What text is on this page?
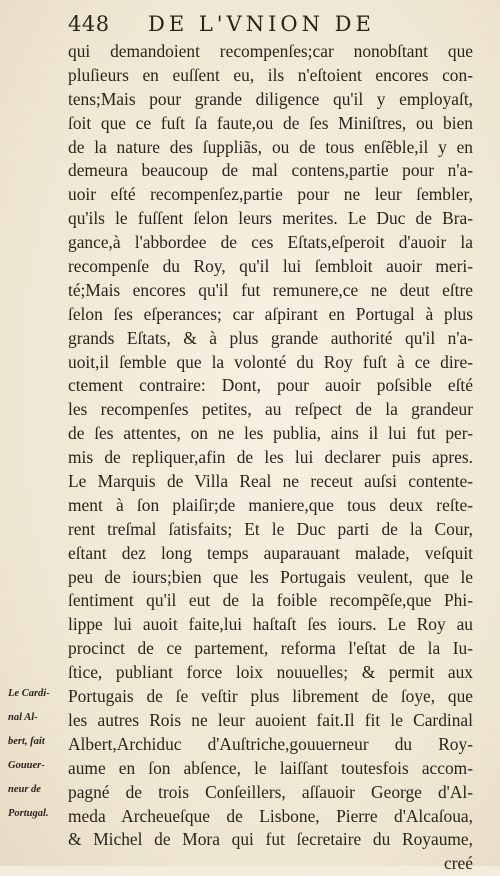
448 DE L'VNION DE
qui demandoient recompenſes;car nonobſtant que
pluſieurs en euſſent eu, ils n'eſtoient encores con-
tens;Mais pour grande diligence qu'il y employaſt,
ſoit que ce fuſt ſa faute,ou de ſes Miniſtres, ou bien
de la nature des ſuppliãs, ou de tous enſẽble,il y en
demeura beaucoup de mal contens,partie pour n'a-
uoir eſté recompenſez,partie pour ne leur ſembler,
qu'ils le fuſſent ſelon leurs merites. Le Duc de Bra-
gance,à l'abbordee de ces Eſtats,eſperoit d'auoir la
recompenſe du Roy, qu'il lui ſembloit auoir meri-
té;Mais encores qu'il fut remunere,ce ne deut eſtre
ſelon ſes eſperances; car aſpirant en Portugal à plus
grands Eſtats, & à plus grande authorité qu'il n'a-
uoit,il ſemble que la volonté du Roy fuſt à ce dire-
ctement contraire: Dont, pour auoir poſsible eſté
les recompenſes petites, au reſpect de la grandeur
de ſes attentes, on ne les publia, ains il lui fut per-
mis de repliquer,afin de les lui declarer puis apres.
Le Marquis de Villa Real ne receut auſsi contente-
ment à ſon plaiſir;de maniere,que tous deux reſte-
rent treſmal ſatisfaits; Et le Duc parti de la Cour,
eſtant dez long temps auparauant malade, veſquit
peu de iours;bien que les Portugais veulent, que le
ſentiment qu'il eut de la foible recompẽſe,que Phi-
lippe lui auoit faite,lui haſtaſt ſes iours. Le Roy au
procinct de ce partement, reforma l'eſtat de la Iu-
ſtice, publiant force loix nouuelles; & permit aux
Portugais de ſe veſtir plus librement de ſoye, que
les autres Rois ne leur auoient fait.Il fit le Cardinal
Albert,Archiduc d'Auſtriche,gouuerneur du Roy-
aume en ſon abſence, le laiſſant toutesfois accom-
pagné de trois Conſeillers, aſſauoir George d'Al-
meda Archeueſque de Lisbone, Pierre d'Alcaſoua,
& Michel de Mora qui fut ſecretaire du Royaume,
creé
Le Cardi-
nal Al-
bert, fait
Gouuer-
neur de
Portugal.
